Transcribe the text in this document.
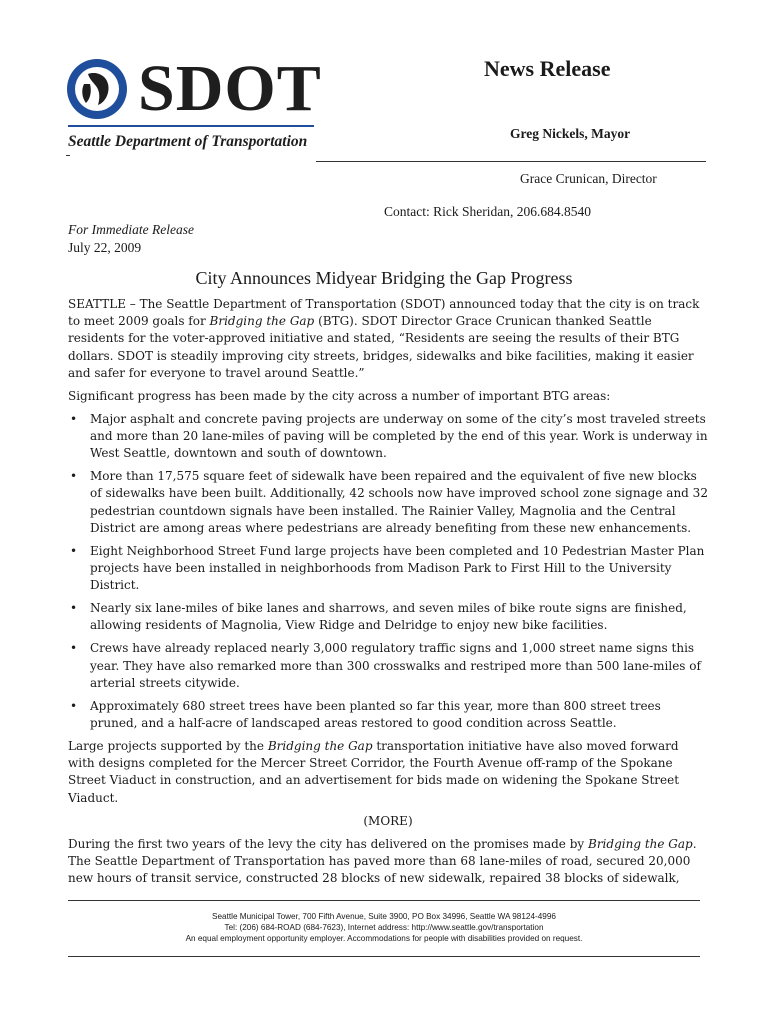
SDOT
Seattle Department of Transportation
News Release
Greg Nickels, Mayor
Grace Crunican, Director
Contact: Rick Sheridan, 206.684.8540
For Immediate Release
July 22, 2009
City Announces Midyear Bridging the Gap Progress

SEATTLE – The Seattle Department of Transportation (SDOT) announced today that the city is on track to meet 2009 goals for Bridging the Gap (BTG). SDOT Director Grace Crunican thanked Seattle residents for the voter-approved initiative and stated, “Residents are seeing the results of their BTG dollars. SDOT is steadily improving city streets, bridges, sidewalks and bike facilities, making it easier and safer for everyone to travel around Seattle.”

Significant progress has been made by the city across a number of important BTG areas:

• Major asphalt and concrete paving projects are underway on some of the city’s most traveled streets and more than 20 lane-miles of paving will be completed by the end of this year. Work is underway in West Seattle, downtown and south of downtown.
• More than 17,575 square feet of sidewalk have been repaired and the equivalent of five new blocks of sidewalks have been built. Additionally, 42 schools now have improved school zone signage and 32 pedestrian countdown signals have been installed. The Rainier Valley, Magnolia and the Central District are among areas where pedestrians are already benefiting from these new enhancements.
• Eight Neighborhood Street Fund large projects have been completed and 10 Pedestrian Master Plan projects have been installed in neighborhoods from Madison Park to First Hill to the University District.
• Nearly six lane-miles of bike lanes and sharrows, and seven miles of bike route signs are finished, allowing residents of Magnolia, View Ridge and Delridge to enjoy new bike facilities.
• Crews have already replaced nearly 3,000 regulatory traffic signs and 1,000 street name signs this year. They have also remarked more than 300 crosswalks and restriped more than 500 lane-miles of arterial streets citywide.
• Approximately 680 street trees have been planted so far this year, more than 800 street trees pruned, and a half-acre of landscaped areas restored to good condition across Seattle.

Large projects supported by the Bridging the Gap transportation initiative have also moved forward with designs completed for the Mercer Street Corridor, the Fourth Avenue off-ramp of the Spokane Street Viaduct in construction, and an advertisement for bids made on widening the Spokane Street Viaduct.

(MORE)

During the first two years of the levy the city has delivered on the promises made by Bridging the Gap. The Seattle Department of Transportation has paved more than 68 lane-miles of road, secured 20,000 new hours of transit service, constructed 28 blocks of new sidewalk, repaired 38 blocks of sidewalk,

Seattle Municipal Tower, 700 Fifth Avenue, Suite 3900, PO Box 34996, Seattle WA 98124-4996
Tel: (206) 684-ROAD (684-7623), Internet address: http://www.seattle.gov/transportation
An equal employment opportunity employer. Accommodations for people with disabilities provided on request.
